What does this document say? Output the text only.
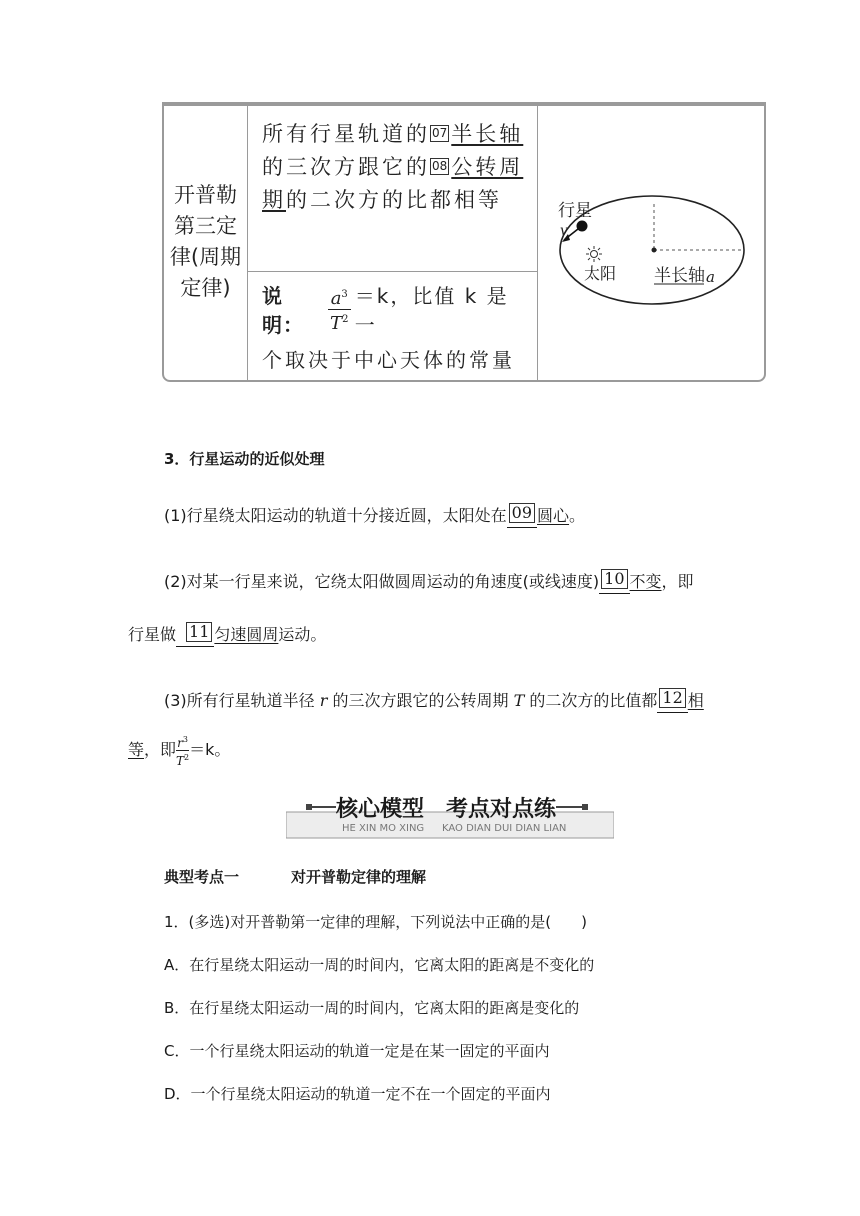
开普勒第三定律(周期定律)
所有行星轨道的 07 半长轴的三次方跟它的 08 公转周期的二次方的比都相等
说明：	$\frac{a^3}{T^2} =k$，比值 k 是一
个取决于中心天体的常量
行星
v
太阳 半长轴 a
3．行星运动的近似处理
(1)行星绕太阳运动的轨道十分接近圆，太阳处在 09 圆心。
(2)对某一行星来说，它绕太阳做圆周运动的角速度(或线速度) 10 不变，即
行星做 11 匀速圆周运动。
(3)所有行星轨道半径 r 的三次方跟它的公转周期 T 的二次方的比值都 12 相
等，即 $\frac{r^3}{T^2} =k$。
核心模型 考点对点练
HE XIN MO XING KAO DIAN DUI DIAN LIAN
典型考点一	对开普勒定律的理解
1．(多选)对开普勒第一定律的理解，下列说法中正确的是(　　)
A．在行星绕太阳运动一周的时间内，它离太阳的距离是不变化的
B．在行星绕太阳运动一周的时间内，它离太阳的距离是变化的
C．一个行星绕太阳运动的轨道一定是在某一固定的平面内
D．一个行星绕太阳运动的轨道一定不在一个固定的平面内
